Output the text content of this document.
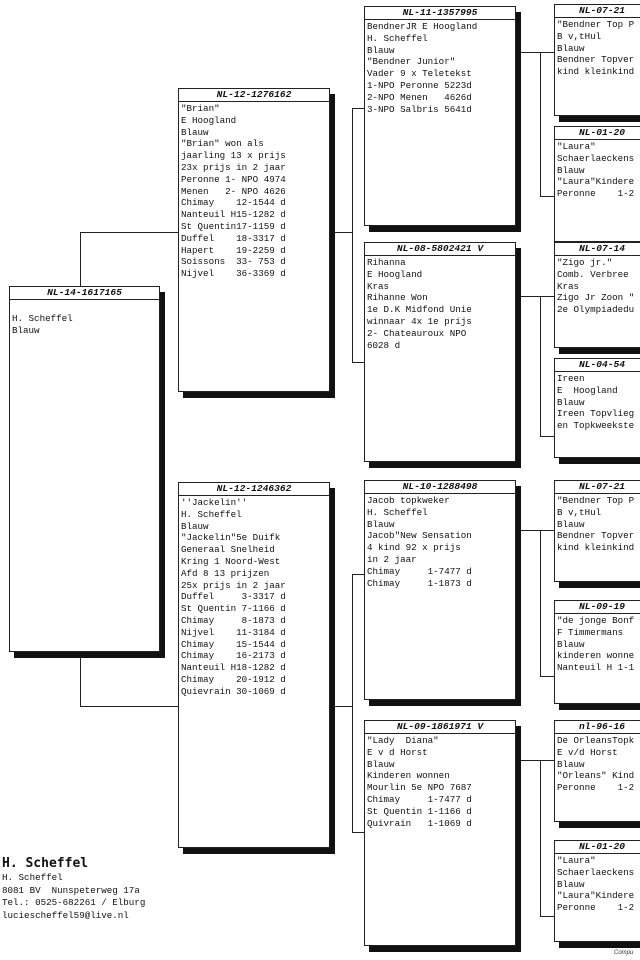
NL-14-1617165
H. Scheffel
Blauw
NL-12-1276162
"Brian"
E Hoogland
Blauw
"Brian" won als
jaarling 13 x prijs
23x prijs in 2 jaar
Peronne 1- NPO 4974
Menen   2- NPO 4626
Chimay    12-1544 d
Nanteuil H15-1282 d
St Quentin17-1159 d
Duffel    18-3317 d
Hapert    19-2259 d
Soissons  33- 753 d
Nijvel    36-3369 d
NL-12-1246362
''Jackelin''
H. Scheffel
Blauw
"Jackelin"5e Duifk
Generaal Snelheid
Kring 1 Noord-West
Afd 8 13 prijzen
25x prijs in 2 jaar
Duffel     3-3317 d
St Quentin 7-1166 d
Chimay     8-1873 d
Nijvel    11-3184 d
Chimay    15-1544 d
Chimay    16-2173 d
Nanteuil H18-1282 d
Chimay    20-1912 d
Quievrain 30-1069 d
NL-11-1357995
BendnerJR E Hoogland
H. Scheffel
Blauw
"Bendner Junior"
Vader 9 x Teletekst
1-NPO Peronne 5223d
2-NPO Menen   4626d
3-NPO Salbris 5641d
NL-08-5802421 V
Rihanna
E Hoogland
Kras
Rihanne Won
1e D.K Midfond Unie
winnaar 4x 1e prijs
2- Chateauroux NPO
6028 d
NL-10-1288498
Jacob topkweker
H. Scheffel
Blauw
Jacob"New Sensation
4 kind 92 x prijs
in 2 jaar
Chimay     1-7477 d
Chimay     1-1873 d
NL-09-1861971 V
"Lady  Diana"
E v d Horst
Blauw
Kinderen wonnen
Mourlin 5e NPO 7687
Chimay     1-7477 d
St Quentin 1-1166 d
Quivrain   1-1069 d
NL-07-21
"Bendner Top P
B v,tHul
Blauw
Bendner Topver
kind kleinkind
NL-01-20
"Laura"
Schaerlaeckens
Blauw
"Laura"Kindere
Peronne    1-2
NL-07-14
"Zigo jr."
Comb. Verbree
Kras
Zigo Jr Zoon "
2e Olympiadedu
NL-04-54
Ireen
E  Hoogland
Blauw
Ireen Topvlieg
en Topkweekste
NL-07-21
"Bendner Top P
B v,tHul
Blauw
Bendner Topver
kind kleinkind
NL-09-19
"de jonge Bonf
F Timmermans
Blauw
kinderen wonne
Nanteuil H 1-1
nl-96-16
De OrleansTopk
E v/d Horst
Blauw
"Orleans" Kind
Peronne    1-2
NL-01-20
"Laura"
Schaerlaeckens
Blauw
"Laura"Kindere
Peronne    1-2
H. Scheffel
H. Scheffel
8081 BV  Nunspeterweg 17a
Tel.: 0525-682261 / Elburg
luciescheffel59@live.nl
Compu
